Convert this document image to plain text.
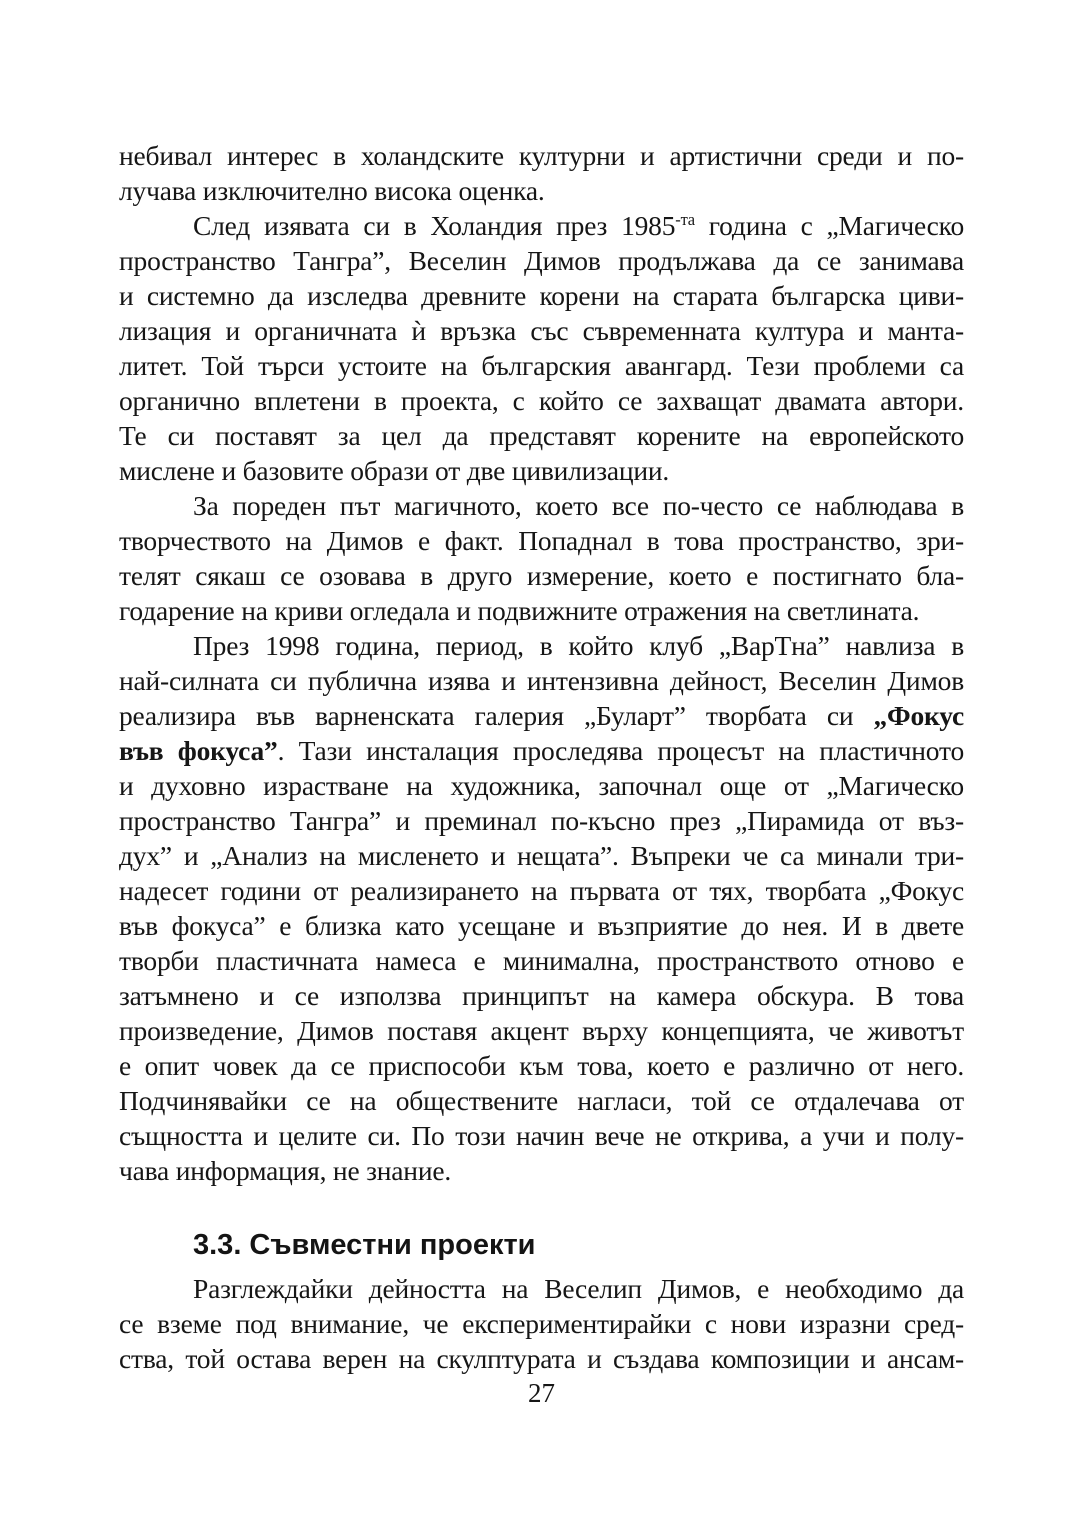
небивал интерес в холандските културни и артистични среди и по-
лучава изключително висока оценка.
След изявата си в Холандия през $1985^{-та}$ година с „Магическо
пространство Тангра”, Веселин Димов продължава да се занимава
и системно да изследва древните корени на старата българска циви-
лизация и органичната ѝ връзка със съвременната култура и манта-
литет. Той търси устоите на българския авангард. Тези проблеми са
органично вплетени в проекта, с който се захващат двамата автори.
Те си поставят за цел да представят корените на европейското
мислене и базовите образи от две цивилизации.
За пореден път магичното, което все по-често се наблюдава в
творчеството на Димов е факт. Попаднал в това пространство, зри-
телят сякаш се озовава в друго измерение, което е постигнато бла-
годарение на криви огледала и подвижните отражения на светлината.
През 1998 година, период, в който клуб „ВарТна” навлиза в
най-силната си публична изява и интензивна дейност, Веселин Димов
реализира във варненската галерия „Буларт” творбата си „Фокус
във фокуса”. Тази инсталация проследява процесът на пластичното
и духовно израстване на художника, започнал още от „Магическо
пространство Тангра” и преминал по-късно през „Пирамида от въз-
дух” и „Анализ на мисленето и нещата”. Въпреки че са минали три-
надесет години от реализирането на първата от тях, творбата „Фокус
във фокуса” е близка като усещане и възприятие до нея. И в двете
творби пластичната намеса е минимална, пространството отново е
затъмнено и се използва принципът на камера обскура. В това
произведение, Димов поставя акцент върху концепцията, че животът
е опит човек да се приспособи към това, което е различно от него.
Подчинявайки се на обществените нагласи, той се отдалечава от
същността и целите си. По този начин вече не открива, а учи и полу-
чава информация, не знание.
3.3. Съвместни проекти
Разглеждайки дейността на Веселип Димов, е необходимо да
се вземе под внимание, че експериментирайки с нови изразни сред-
ства, той остава верен на скулптурата и създава композиции и ансам-
27
